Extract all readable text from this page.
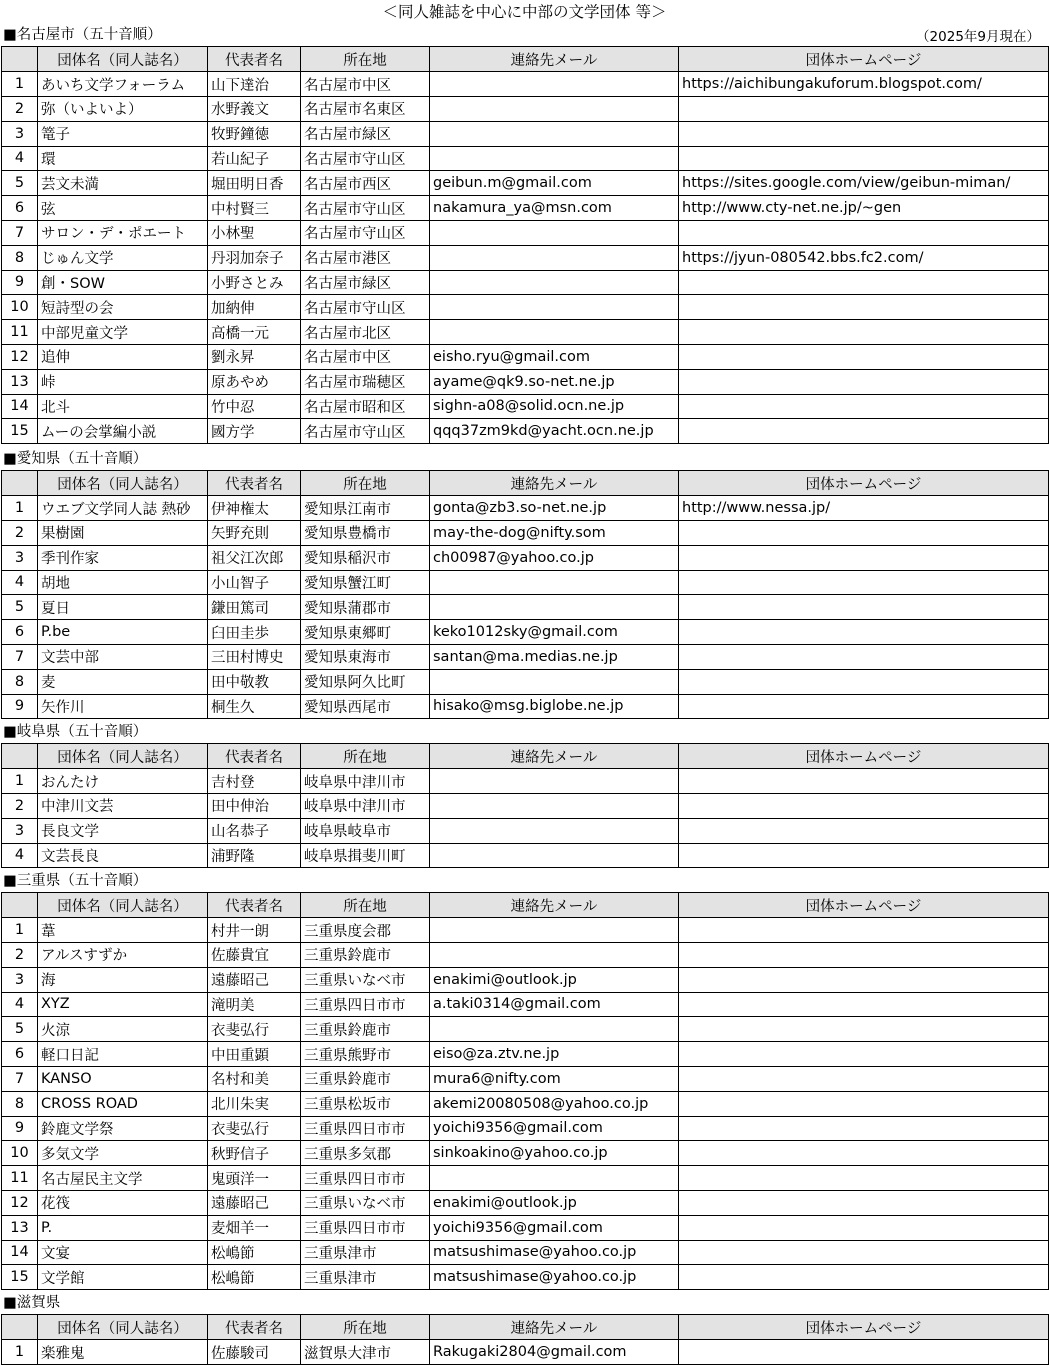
＜同人雑誌を中心に中部の文学団体 等＞
（2025年9月現在）
■名古屋市（五十音順）
	団体名（同人誌名）	代表者名	所在地	連絡先メール	団体ホームページ
1	あいち文学フォーラム	山下達治	名古屋市中区		https://aichibungakuforum.blogspot.com/
2	弥（いよいよ）	水野義文	名古屋市名東区		
3	篭子	牧野鐘徳	名古屋市緑区		
4	環	若山紀子	名古屋市守山区		
5	芸文未満	堀田明日香	名古屋市西区	geibun.m@gmail.com	https://sites.google.com/view/geibun-miman/
6	弦	中村賢三	名古屋市守山区	nakamura_ya@msn.com	http://www.cty-net.ne.jp/~gen
7	サロン・デ・ポエート	小林聖	名古屋市守山区		
8	じゅん文学	丹羽加奈子	名古屋市港区		https://jyun-080542.bbs.fc2.com/
9	創・SOW	小野さとみ	名古屋市緑区		
10	短詩型の会	加納伸	名古屋市守山区		
11	中部児童文学	高橋一元	名古屋市北区		
12	追伸	劉永昇	名古屋市中区	eisho.ryu@gmail.com	
13	峠	原あやめ	名古屋市瑞穂区	ayame@qk9.so-net.ne.jp	
14	北斗	竹中忍	名古屋市昭和区	sighn-a08@solid.ocn.ne.jp	
15	ムーの会掌編小説	國方学	名古屋市守山区	qqq37zm9kd@yacht.ocn.ne.jp	
■愛知県（五十音順）
	団体名（同人誌名）	代表者名	所在地	連絡先メール	団体ホームページ
1	ウエブ文学同人誌 熱砂	伊神権太	愛知県江南市	gonta@zb3.so-net.ne.jp	http://www.nessa.jp/
2	果樹園	矢野充則	愛知県豊橋市	may-the-dog@nifty.som	
3	季刊作家	祖父江次郎	愛知県稲沢市	ch00987@yahoo.co.jp	
4	胡地	小山智子	愛知県蟹江町		
5	夏日	鎌田篤司	愛知県蒲郡市		
6	P.be	臼田圭歩	愛知県東郷町	keko1012sky@gmail.com	
7	文芸中部	三田村博史	愛知県東海市	santan@ma.medias.ne.jp	
8	麦	田中敬教	愛知県阿久比町		
9	矢作川	桐生久	愛知県西尾市	hisako@msg.biglobe.ne.jp	
■岐阜県（五十音順）
	団体名（同人誌名）	代表者名	所在地	連絡先メール	団体ホームページ
1	おんたけ	吉村登	岐阜県中津川市		
2	中津川文芸	田中伸治	岐阜県中津川市		
3	長良文学	山名恭子	岐阜県岐阜市		
4	文芸長良	浦野隆	岐阜県揖斐川町		
■三重県（五十音順）
	団体名（同人誌名）	代表者名	所在地	連絡先メール	団体ホームページ
1	葦	村井一朗	三重県度会郡		
2	アルスすずか	佐藤貴宜	三重県鈴鹿市		
3	海	遠藤昭己	三重県いなべ市	enakimi@outlook.jp	
4	XYZ	滝明美	三重県四日市市	a.taki0314@gmail.com	
5	火涼	衣斐弘行	三重県鈴鹿市		
6	軽口日記	中田重顕	三重県熊野市	eiso@za.ztv.ne.jp	
7	KANSO	名村和美	三重県鈴鹿市	mura6@nifty.com	
8	CROSS ROAD	北川朱実	三重県松坂市	akemi20080508@yahoo.co.jp	
9	鈴鹿文学祭	衣斐弘行	三重県四日市市	yoichi9356@gmail.com	
10	多気文学	秋野信子	三重県多気郡	sinkoakino@yahoo.co.jp	
11	名古屋民主文学	鬼頭洋一	三重県四日市市		
12	花筏	遠藤昭己	三重県いなべ市	enakimi@outlook.jp	
13	P.	麦畑羊一	三重県四日市市	yoichi9356@gmail.com	
14	文宴	松嶋節	三重県津市	matsushimase@yahoo.co.jp	
15	文学館	松嶋節	三重県津市	matsushimase@yahoo.co.jp	
■滋賀県
	団体名（同人誌名）	代表者名	所在地	連絡先メール	団体ホームページ
1	楽雅鬼	佐藤駿司	滋賀県大津市	Rakugaki2804@gmail.com	
